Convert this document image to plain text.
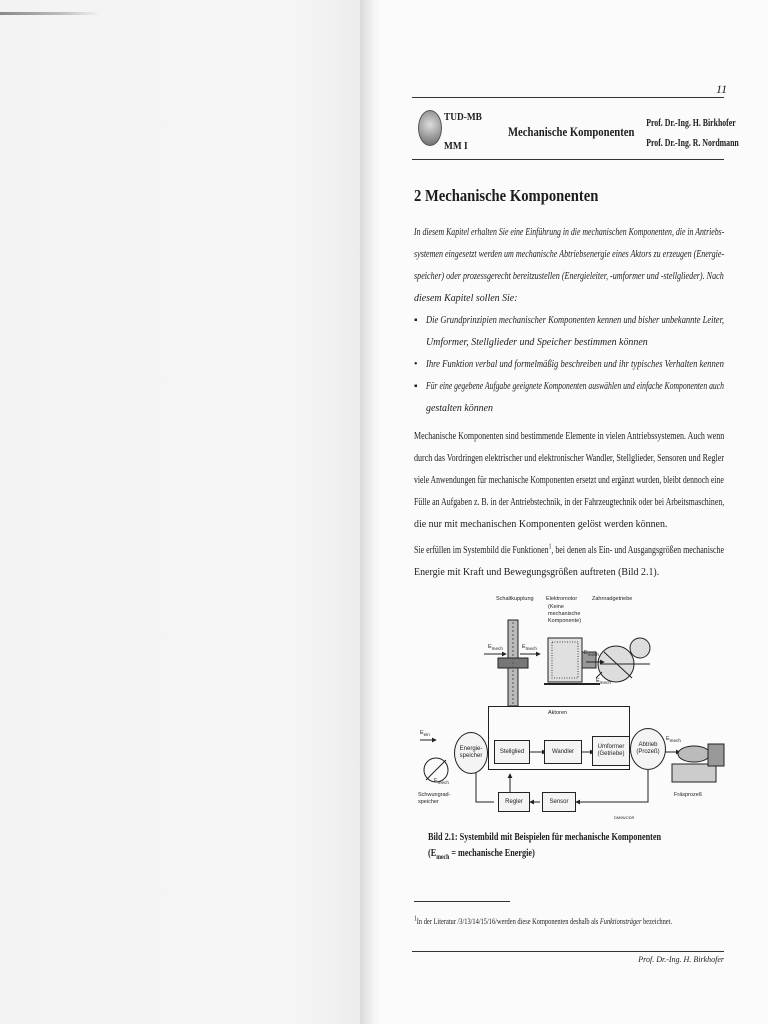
11
TUD-MB
MM I
Mechanische Komponenten
Prof. Dr.-Ing. H. Birkhofer
Prof. Dr.-Ing. R. Nordmann
2 Mechanische Komponenten
In diesem Kapitel erhalten Sie eine Einführung in die mechanischen Komponenten, die in Antriebs-
systemen eingesetzt werden um mechanische Abtriebsenergie eines Aktors zu erzeugen (Energie-
speicher) oder prozessgerecht bereitzustellen (Energieleiter, -umformer und -stellglieder). Nach
diesem Kapitel sollen Sie:
▪ Die Grundprinzipien mechanischer Komponenten kennen und bisher unbekannte Leiter,
Umformer, Stellglieder und Speicher bestimmen können
• Ihre Funktion verbal und formelmäßig beschreiben und ihr typisches Verhalten kennen
▪ Für eine gegebene Aufgabe geeignete Komponenten auswählen und einfache Komponenten auch
gestalten können
Mechanische Komponenten sind bestimmende Elemente in vielen Antriebssystemen. Auch wenn
durch das Vordringen elektrischer und elektronischer Wandler, Stellglieder, Sensoren und Regler
viele Anwendungen für mechanische Komponenten ersetzt und ergänzt wurden, bleibt dennoch eine
Fülle an Aufgaben z. B. in der Antriebstechnik, in der Fahrzeugtechnik oder bei Arbeitsmaschinen,
die nur mit mechanischen Komponenten gelöst werden können.
Sie erfüllen im Systembild die Funktionen$^1$, bei denen als Ein- und Ausgangsgrößen mechanische
Energie mit Kraft und Bewegungsgrößen auftreten (Bild 2.1).
Schaltkupplung Elektromotor
(Keine mechanische Komponente)
Zahnradgetriebe
$E_{mech}$	$E_{mech}$
$E_{mech}$
$E_{mech}$
$E_{ein}$
$E_{mech}$
$E_{mech}$
Aktoren
Energie-speicher
Stellglied	Wandler
Umformer (Getriebe)
Abtrieb (Prozeß)
Regler	Sensor
Schwungrad-speicher
Fräsprozeß
DM96/CDR
Bild 2.1: Systembild mit Beispielen für mechanische Komponenten
($E_{mech}$ = mechanische Energie)
$^1$In der Literatur /3/13/14/15/16/werden diese Komponenten deshalb als Funktionsträger bezeichnet.
Prof. Dr.-Ing. H. Birkhofer
